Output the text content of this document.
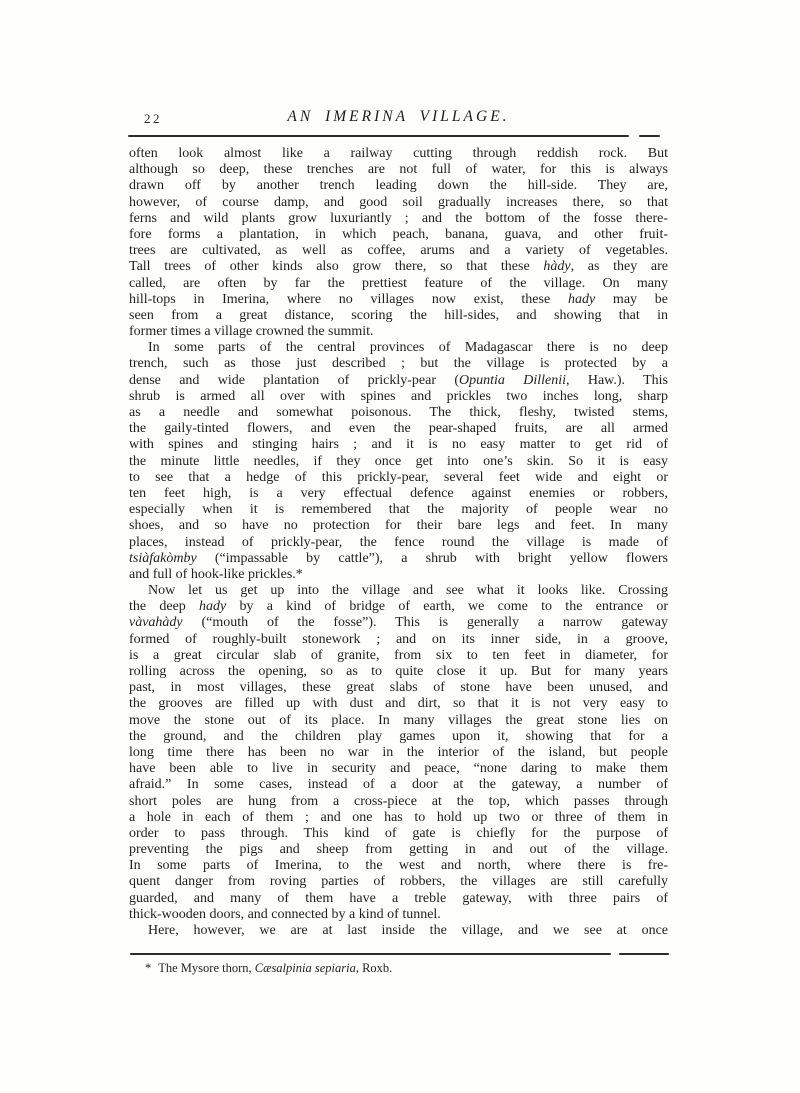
22	AN IMERINA VILLAGE.
often look almost like a railway cutting through reddish rock. But
although so deep, these trenches are not full of water, for this is always
drawn off by another trench leading down the hill-side. They are,
however, of course damp, and good soil gradually increases there, so that
ferns and wild plants grow luxuriantly ; and the bottom of the fosse there-
fore forms a plantation, in which peach, banana, guava, and other fruit-
trees are cultivated, as well as coffee, arums and a variety of vegetables.
Tall trees of other kinds also grow there, so that these hàdy, as they are
called, are often by far the prettiest feature of the village. On many
hill-tops in Imerina, where no villages now exist, these hady may be
seen from a great distance, scoring the hill-sides, and showing that in
former times a village crowned the summit.
In some parts of the central provinces of Madagascar there is no deep
trench, such as those just described ; but the village is protected by a
dense and wide plantation of prickly-pear (Opuntia Dillenii, Haw.). This
shrub is armed all over with spines and prickles two inches long, sharp
as a needle and somewhat poisonous. The thick, fleshy, twisted stems,
the gaily-tinted flowers, and even the pear-shaped fruits, are all armed
with spines and stinging hairs ; and it is no easy matter to get rid of
the minute little needles, if they once get into one’s skin. So it is easy
to see that a hedge of this prickly-pear, several feet wide and eight or
ten feet high, is a very effectual defence against enemies or robbers,
especially when it is remembered that the majority of people wear no
shoes, and so have no protection for their bare legs and feet. In many
places, instead of prickly-pear, the fence round the village is made of
tsiàfakòmby (“impassable by cattle”), a shrub with bright yellow flowers
and full of hook-like prickles.*
Now let us get up into the village and see what it looks like. Crossing
the deep hady by a kind of bridge of earth, we come to the entrance or
vàvahàdy (“mouth of the fosse”). This is generally a narrow gateway
formed of roughly-built stonework ; and on its inner side, in a groove,
is a great circular slab of granite, from six to ten feet in diameter, for
rolling across the opening, so as to quite close it up. But for many years
past, in most villages, these great slabs of stone have been unused, and
the grooves are filled up with dust and dirt, so that it is not very easy to
move the stone out of its place. In many villages the great stone lies on
the ground, and the children play games upon it, showing that for a
long time there has been no war in the interior of the island, but people
have been able to live in security and peace, “none daring to make them
afraid.” In some cases, instead of a door at the gateway, a number of
short poles are hung from a cross-piece at the top, which passes through
a hole in each of them ; and one has to hold up two or three of them in
order to pass through. This kind of gate is chiefly for the purpose of
preventing the pigs and sheep from getting in and out of the village.
In some parts of Imerina, to the west and north, where there is fre-
quent danger from roving parties of robbers, the villages are still carefully
guarded, and many of them have a treble gateway, with three pairs of
thick-wooden doors, and connected by a kind of tunnel.
Here, however, we are at last inside the village, and we see at once
* The Mysore thorn, Cæsalpinia sepiaria, Roxb.
